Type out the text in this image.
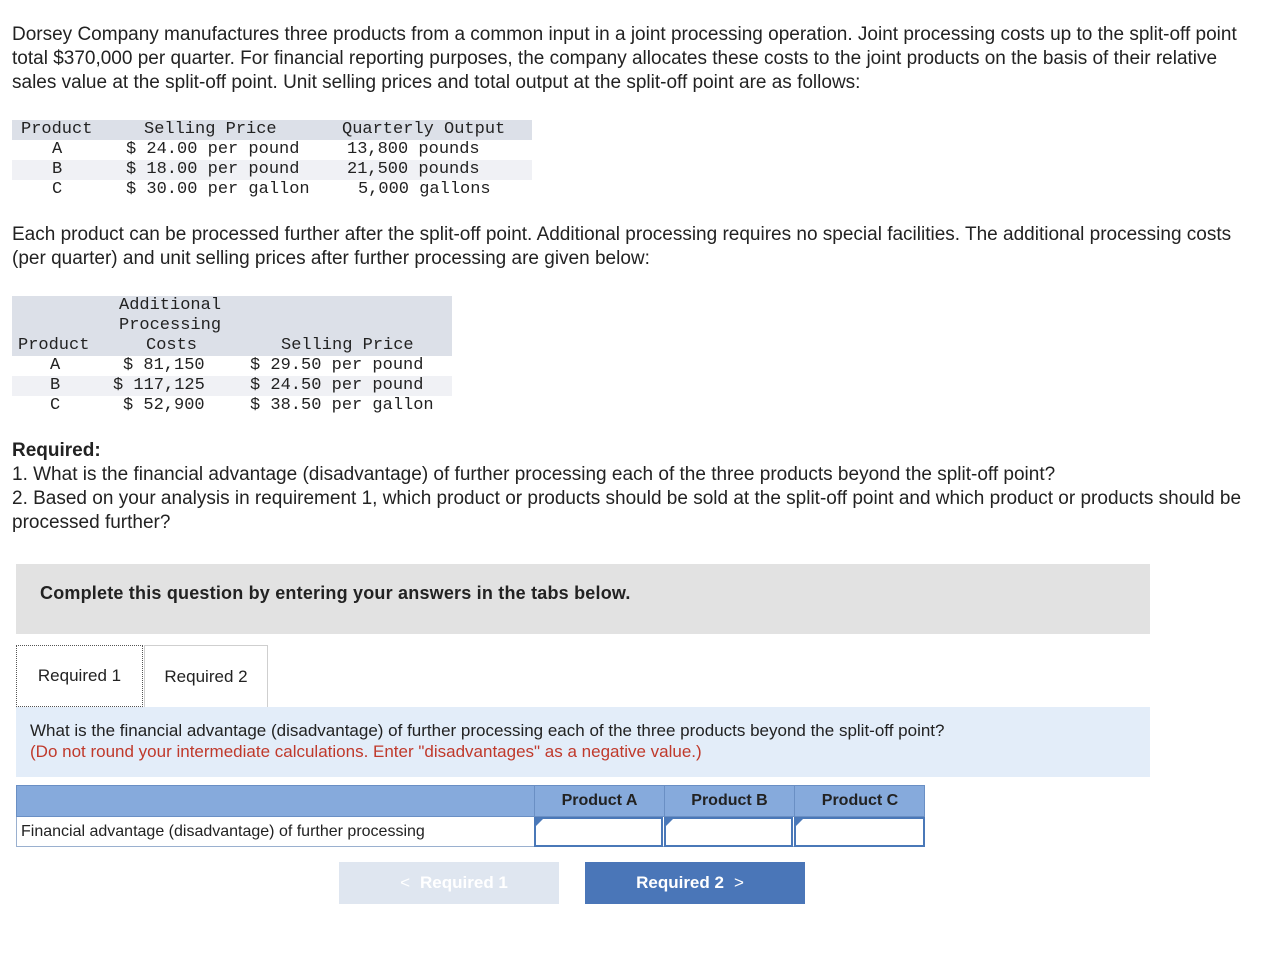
Dorsey Company manufactures three products from a common input in a joint processing operation. Joint processing costs up to the split-off point total $370,000 per quarter. For financial reporting purposes, the company allocates these costs to the joint products on the basis of their relative sales value at the split-off point. Unit selling prices and total output at the split-off point are as follows:
Product	Selling Price	Quarterly Output
A	$ 24.00 per pound	13,800 pounds
B	$ 18.00 per pound	21,500 pounds
C	$ 30.00 per gallon	5,000 gallons
Each product can be processed further after the split-off point. Additional processing requires no special facilities. The additional processing costs (per quarter) and unit selling prices after further processing are given below:
Additional
Processing
Product	Costs	Selling Price
A	$ 81,150	$ 29.50 per pound
B	$ 117,125	$ 24.50 per pound
C	$ 52,900	$ 38.50 per gallon
Required:
1. What is the financial advantage (disadvantage) of further processing each of the three products beyond the split-off point?
2. Based on your analysis in requirement 1, which product or products should be sold at the split-off point and which product or products should be processed further?
Complete this question by entering your answers in the tabs below.
Required 1	Required 2
What is the financial advantage (disadvantage) of further processing each of the three products beyond the split-off point?
(Do not round your intermediate calculations. Enter "disadvantages" as a negative value.)
Product A	Product B	Product C
Financial advantage (disadvantage) of further processing
< Required 1	Required 2 >
